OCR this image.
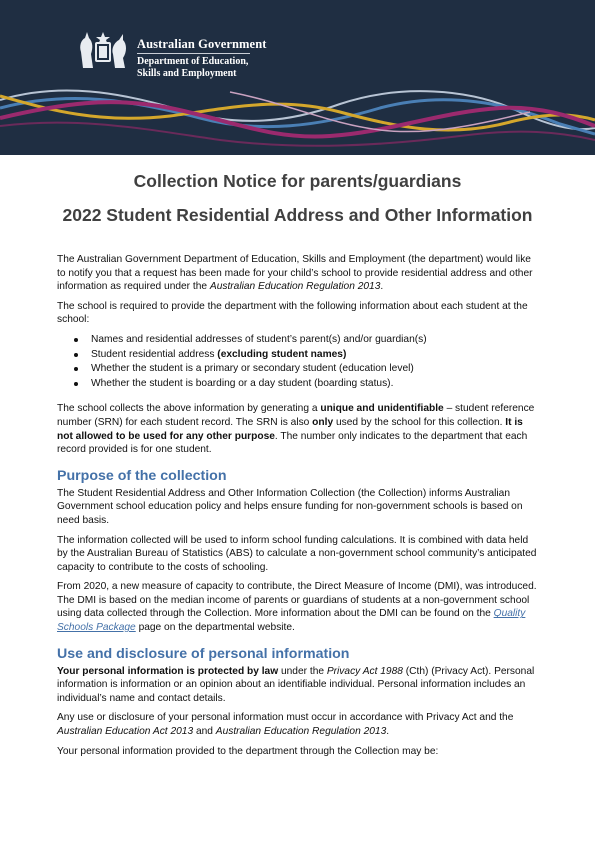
Australian Government
Department of Education,
Skills and Employment
Collection Notice for parents/guardians
2022 Student Residential Address and Other Information

The Australian Government Department of Education, Skills and Employment (the department) would like to notify you that a request has been made for your child’s school to provide residential address and other information as required under the Australian Education Regulation 2013.

The school is required to provide the department with the following information about each student at the school:

Names and residential addresses of student’s parent(s) and/or guardian(s)
Student residential address (excluding student names)
Whether the student is a primary or secondary student (education level)
Whether the student is boarding or a day student (boarding status).

The school collects the above information by generating a unique and unidentifiable – student reference number (SRN) for each student record. The SRN is also only used by the school for this collection. It is not allowed to be used for any other purpose. The number only indicates to the department that each record provided is for one student.

Purpose of the collection

The Student Residential Address and Other Information Collection (the Collection) informs Australian Government school education policy and helps ensure funding for non-government schools is based on need basis.

The information collected will be used to inform school funding calculations. It is combined with data held by the Australian Bureau of Statistics (ABS) to calculate a non-government school community’s anticipated capacity to contribute to the costs of schooling.

From 2020, a new measure of capacity to contribute, the Direct Measure of Income (DMI), was introduced. The DMI is based on the median income of parents or guardians of students at a non-government school using data collected through the Collection. More information about the DMI can be found on the Quality Schools Package page on the departmental website.

Use and disclosure of personal information

Your personal information is protected by law under the Privacy Act 1988 (Cth) (Privacy Act). Personal information is information or an opinion about an identifiable individual. Personal information includes an individual’s name and contact details.

Any use or disclosure of your personal information must occur in accordance with Privacy Act and the Australian Education Act 2013 and Australian Education Regulation 2013.

Your personal information provided to the department through the Collection may be:
